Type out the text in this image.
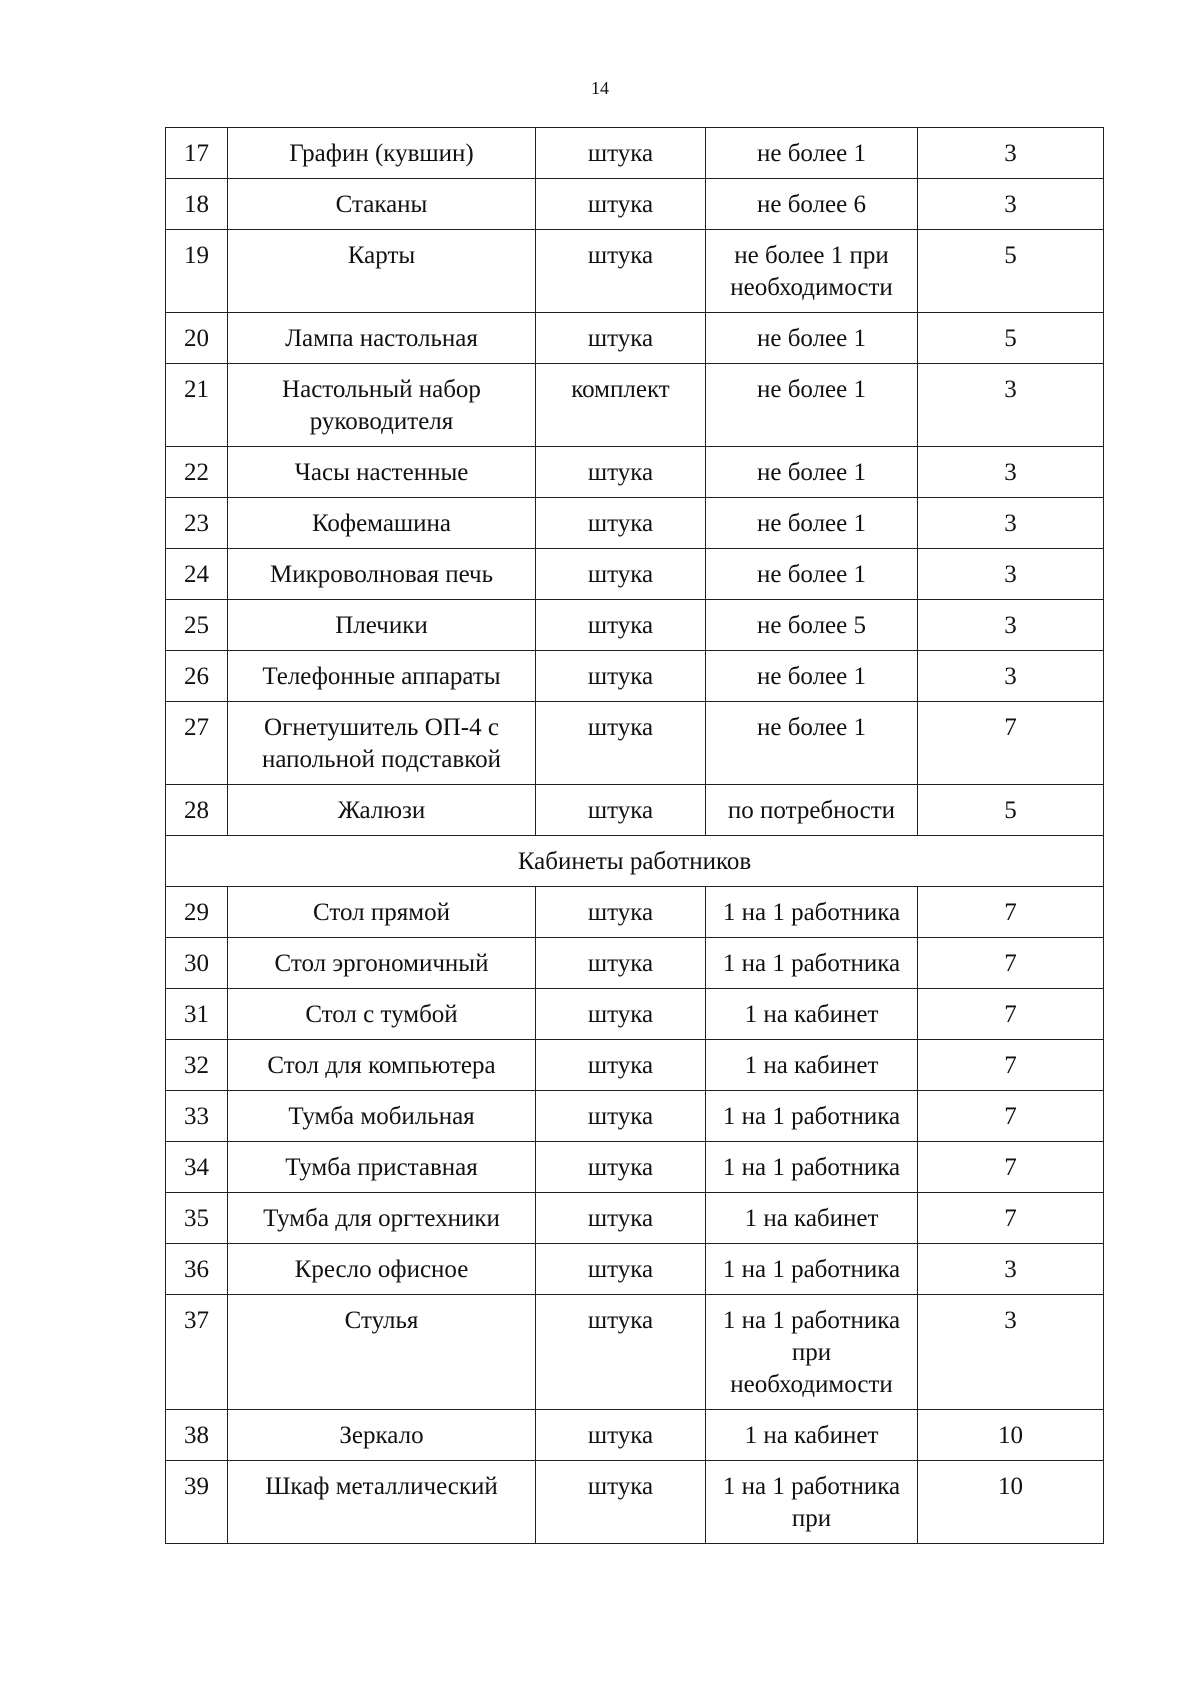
14
17	Графин (кувшин)	штука	не более 1	3
18	Стаканы	штука	не более 6	3
19	Карты	штука	не более 1 при необходимости	5
20	Лампа настольная	штука	не более 1	5
21	Настольный набор руководителя	комплект	не более 1	3
22	Часы настенные	штука	не более 1	3
23	Кофемашина	штука	не более 1	3
24	Микроволновая печь	штука	не более 1	3
25	Плечики	штука	не более 5	3
26	Телефонные аппараты	штука	не более 1	3
27	Огнетушитель ОП-4 с напольной подставкой	штука	не более 1	7
28	Жалюзи	штука	по потребности	5
Кабинеты работников				
29	Стол прямой	штука	1 на 1 работника	7
30	Стол эргономичный	штука	1 на 1 работника	7
31	Стол с тумбой	штука	1 на кабинет	7
32	Стол для компьютера	штука	1 на кабинет	7
33	Тумба мобильная	штука	1 на 1 работника	7
34	Тумба приставная	штука	1 на 1 работника	7
35	Тумба для оргтехники	штука	1 на кабинет	7
36	Кресло офисное	штука	1 на 1 работника	3
37	Стулья	штука	1 на 1 работника при необходимости	3
38	Зеркало	штука	1 на кабинет	10
39	Шкаф металлический	штука	1 на 1 работника при	10
